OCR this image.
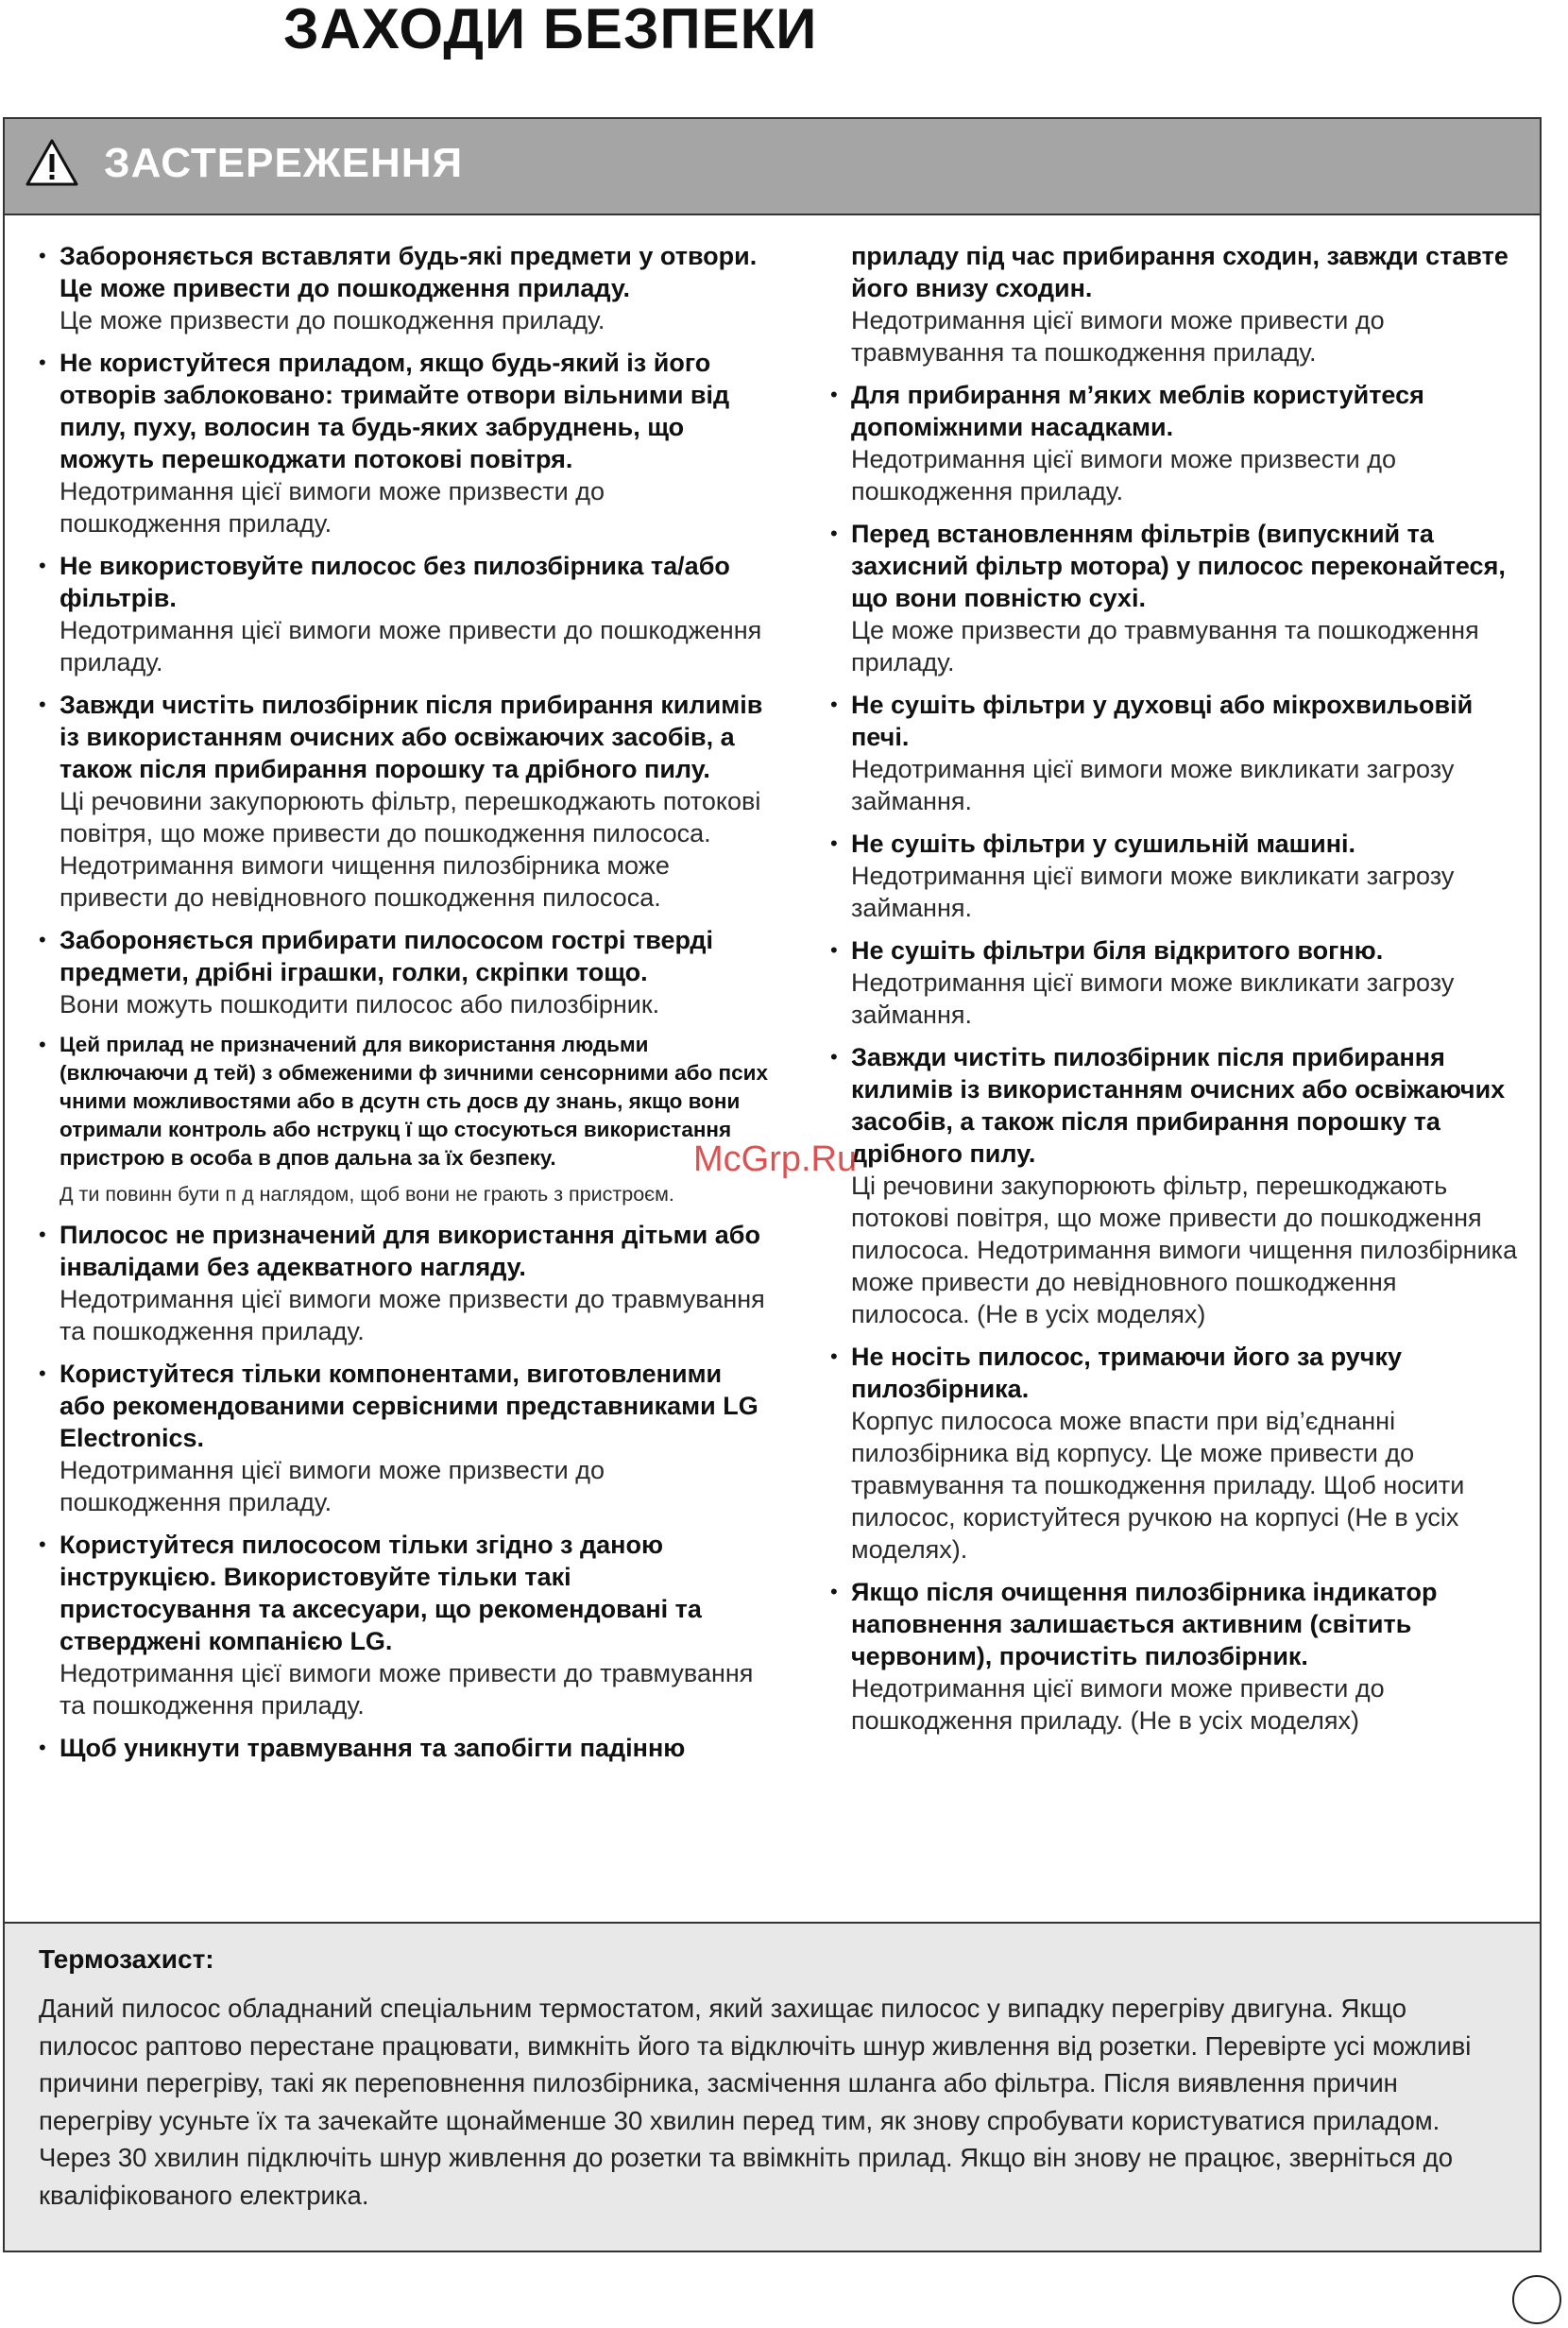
ЗАХОДИ БЕЗПЕКИ
ЗАСТЕРЕЖЕННЯ
• Забороняється вставляти будь-які предмети у отвори. Це може привести до пошкодження приладу.
Це може призвести до пошкодження приладу.
• Не користуйтеся приладом, якщо будь-який із його отворів заблоковано: тримайте отвори вільними від пилу, пуху, волосин та будь-яких забруднень, що можуть перешкоджати потокові повітря.
Недотримання цієї вимоги може призвести до пошкодження приладу.
• Не використовуйте пилосос без пилозбірника та/або фільтрів.
Недотримання цієї вимоги може привести до пошкодження приладу.
• Завжди чистіть пилозбірник після прибирання килимів із використанням очисних або освіжаючих засобів, а також після прибирання порошку та дрібного пилу.
Ці речовини закупорюють фільтр, перешкоджають потокові повітря, що може привести до пошкодження пилососа. Недотримання вимоги чищення пилозбірника може привести до невідновного пошкодження пилососа.
• Забороняється прибирати пилососом гострі тверді предмети, дрібні іграшки, голки, скріпки тощо.
Вони можуть пошкодити пилосос або пилозбірник.
• Цей прилад не призначений для використання людьми (включаючи д тей) з обмеженими ф зичними сенсорними або псих чними можливостями або в дсутн сть досв ду знань, якщо вони отримали контроль або нструкц ї що стосуються використання пристрою в особа в дпов дальна за їх безпеку.
Д ти повинн бути п д наглядом, щоб вони не грають з пристроєм.
• Пилосос не призначений для використання дітьми або інвалідами без адекватного нагляду.
Недотримання цієї вимоги може призвести до травмування та пошкодження приладу.
• Користуйтеся тільки компонентами, виготовленими або рекомендованими сервісними представниками LG Electronics.
Недотримання цієї вимоги може призвести до пошкодження приладу.
• Користуйтеся пилососом тільки згідно з даною інструкцією. Використовуйте тільки такі пристосування та аксесуари, що рекомендовані та стверджені компанією LG.
Недотримання цієї вимоги може привести до травмування та пошкодження приладу.
• Щоб уникнути травмування та запобігти падінню
приладу під час прибирання сходин, завжди ставте його внизу сходин.
Недотримання цієї вимоги може привести до травмування та пошкодження приладу.
• Для прибирання м’яких меблів користуйтеся допоміжними насадками.
Недотримання цієї вимоги може призвести до пошкодження приладу.
• Перед встановленням фільтрів (випускний та захисний фільтр мотора) у пилосос переконайтеся, що вони повністю сухі.
Це може призвести до травмування та пошкодження приладу.
• Не сушіть фільтри у духовці або мікрохвильовій печі.
Недотримання цієї вимоги може викликати загрозу займання.
• Не сушіть фільтри у сушильній машині.
Недотримання цієї вимоги може викликати загрозу займання.
• Не сушіть фільтри біля відкритого вогню.
Недотримання цієї вимоги може викликати загрозу займання.
• Завжди чистіть пилозбірник після прибирання килимів із використанням очисних або освіжаючих засобів, а також після прибирання порошку та дрібного пилу.
Ці речовини закупорюють фільтр, перешкоджають потокові повітря, що може привести до пошкодження пилососа. Недотримання вимоги чищення пилозбірника може привести до невідновного пошкодження пилососа. (Не в усіх моделях)
• Не носіть пилосос, тримаючи його за ручку пилозбірника.
Корпус пилососа може впасти при від’єднанні пилозбірника від корпусу. Це може привести до травмування та пошкодження приладу. Щоб носити пилосос, користуйтеся ручкою на корпусі (Не в усіх моделях).
• Якщо після очищення пилозбірника індикатор наповнення залишається активним (світить червоним), прочистіть пилозбірник.
Недотримання цієї вимоги може привести до пошкодження приладу. (Не в усіх моделях)
Термозахист:
Даний пилосос обладнаний спеціальним термостатом, який захищає пилосос у випадку перегріву двигуна. Якщо пилосос раптово перестане працювати, вимкніть його та відключіть шнур живлення від розетки. Перевірте усі можливі причини перегріву, такі як переповнення пилозбірника, засмічення шланга або фільтра. Після виявлення причин перегріву усуньте їх та зачекайте щонайменше 30 хвилин перед тим, як знову спробувати користуватися приладом. Через 30 хвилин підключіть шнур живлення до розетки та ввімкніть прилад. Якщо він знову не працює, зверніться до кваліфікованого електрика.
McGrp.Ru
